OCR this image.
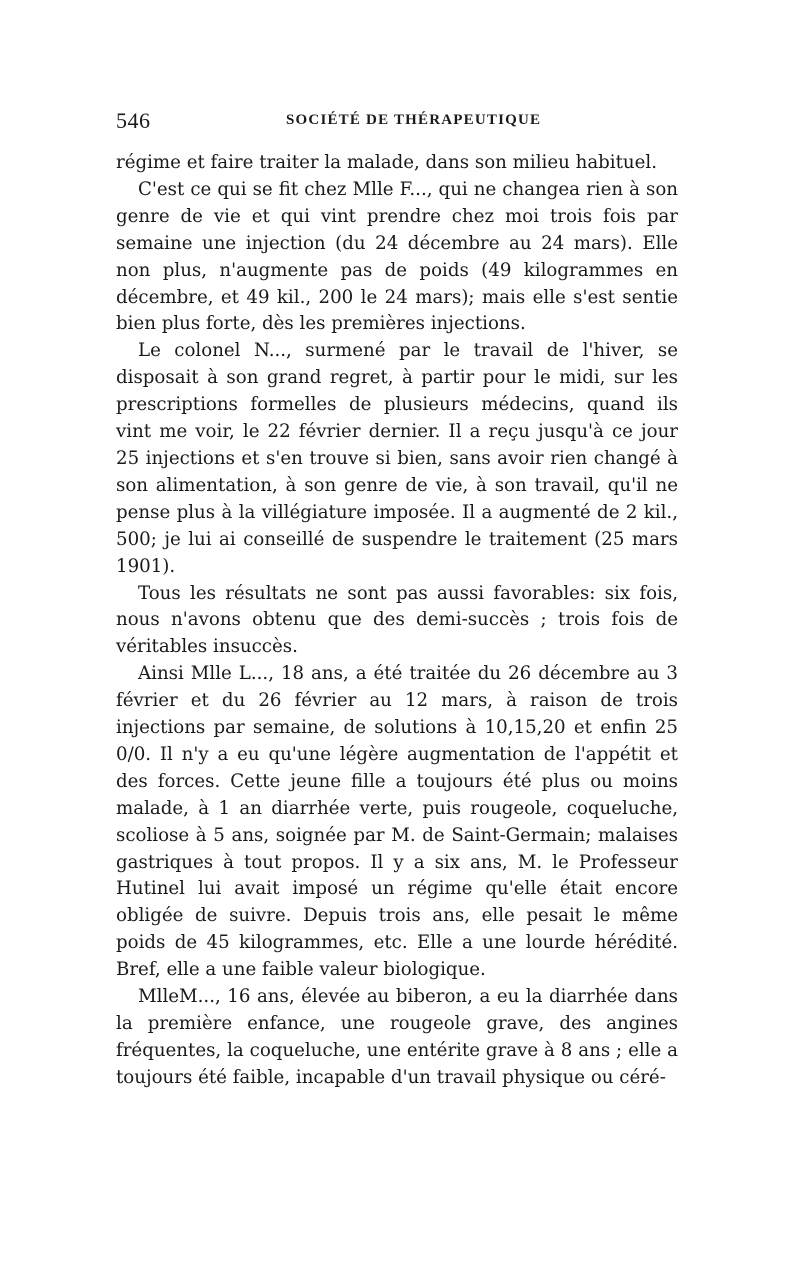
546	SOCIÉTÉ DE THÉRAPEUTIQUE

régime et faire traiter la malade, dans son milieu habituel.

C'est ce qui se fit chez Mlle F..., qui ne changea rien à son genre de vie et qui vint prendre chez moi trois fois par semaine une injection (du 24 décembre au 24 mars). Elle non plus, n'augmente pas de poids (49 kilogrammes en décembre, et 49 kil., 200 le 24 mars); mais elle s'est sentie bien plus forte, dès les premières injections.

Le colonel N..., surmené par le travail de l'hiver, se disposait à son grand regret, à partir pour le midi, sur les prescriptions formelles de plusieurs médecins, quand ils vint me voir, le 22 février dernier. Il a reçu jusqu'à ce jour 25 injections et s'en trouve si bien, sans avoir rien changé à son alimentation, à son genre de vie, à son travail, qu'il ne pense plus à la villégiature imposée. Il a augmenté de 2 kil., 500; je lui ai conseillé de suspendre le traitement (25 mars 1901).

Tous les résultats ne sont pas aussi favorables: six fois, nous n'avons obtenu que des demi-succès ; trois fois de véritables insuccès.

Ainsi Mlle L..., 18 ans, a été traitée du 26 décembre au 3 février et du 26 février au 12 mars, à raison de trois injections par semaine, de solutions à 10,15,20 et enfin 25 0/0. Il n'y a eu qu'une légère augmentation de l'appétit et des forces. Cette jeune fille a toujours été plus ou moins malade, à 1 an diarrhée verte, puis rougeole, coqueluche, scoliose à 5 ans, soignée par M. de Saint-Germain; malaises gastriques à tout propos. Il y a six ans, M. le Professeur Hutinel lui avait imposé un régime qu'elle était encore obligée de suivre. Depuis trois ans, elle pesait le même poids de 45 kilogrammes, etc. Elle a une lourde hérédité. Bref, elle a une faible valeur biologique.

MlleM..., 16 ans, élevée au biberon, a eu la diarrhée dans la première enfance, une rougeole grave, des angines fréquentes, la coqueluche, une entérite grave à 8 ans ; elle a toujours été faible, incapable d'un travail physique ou céré-
